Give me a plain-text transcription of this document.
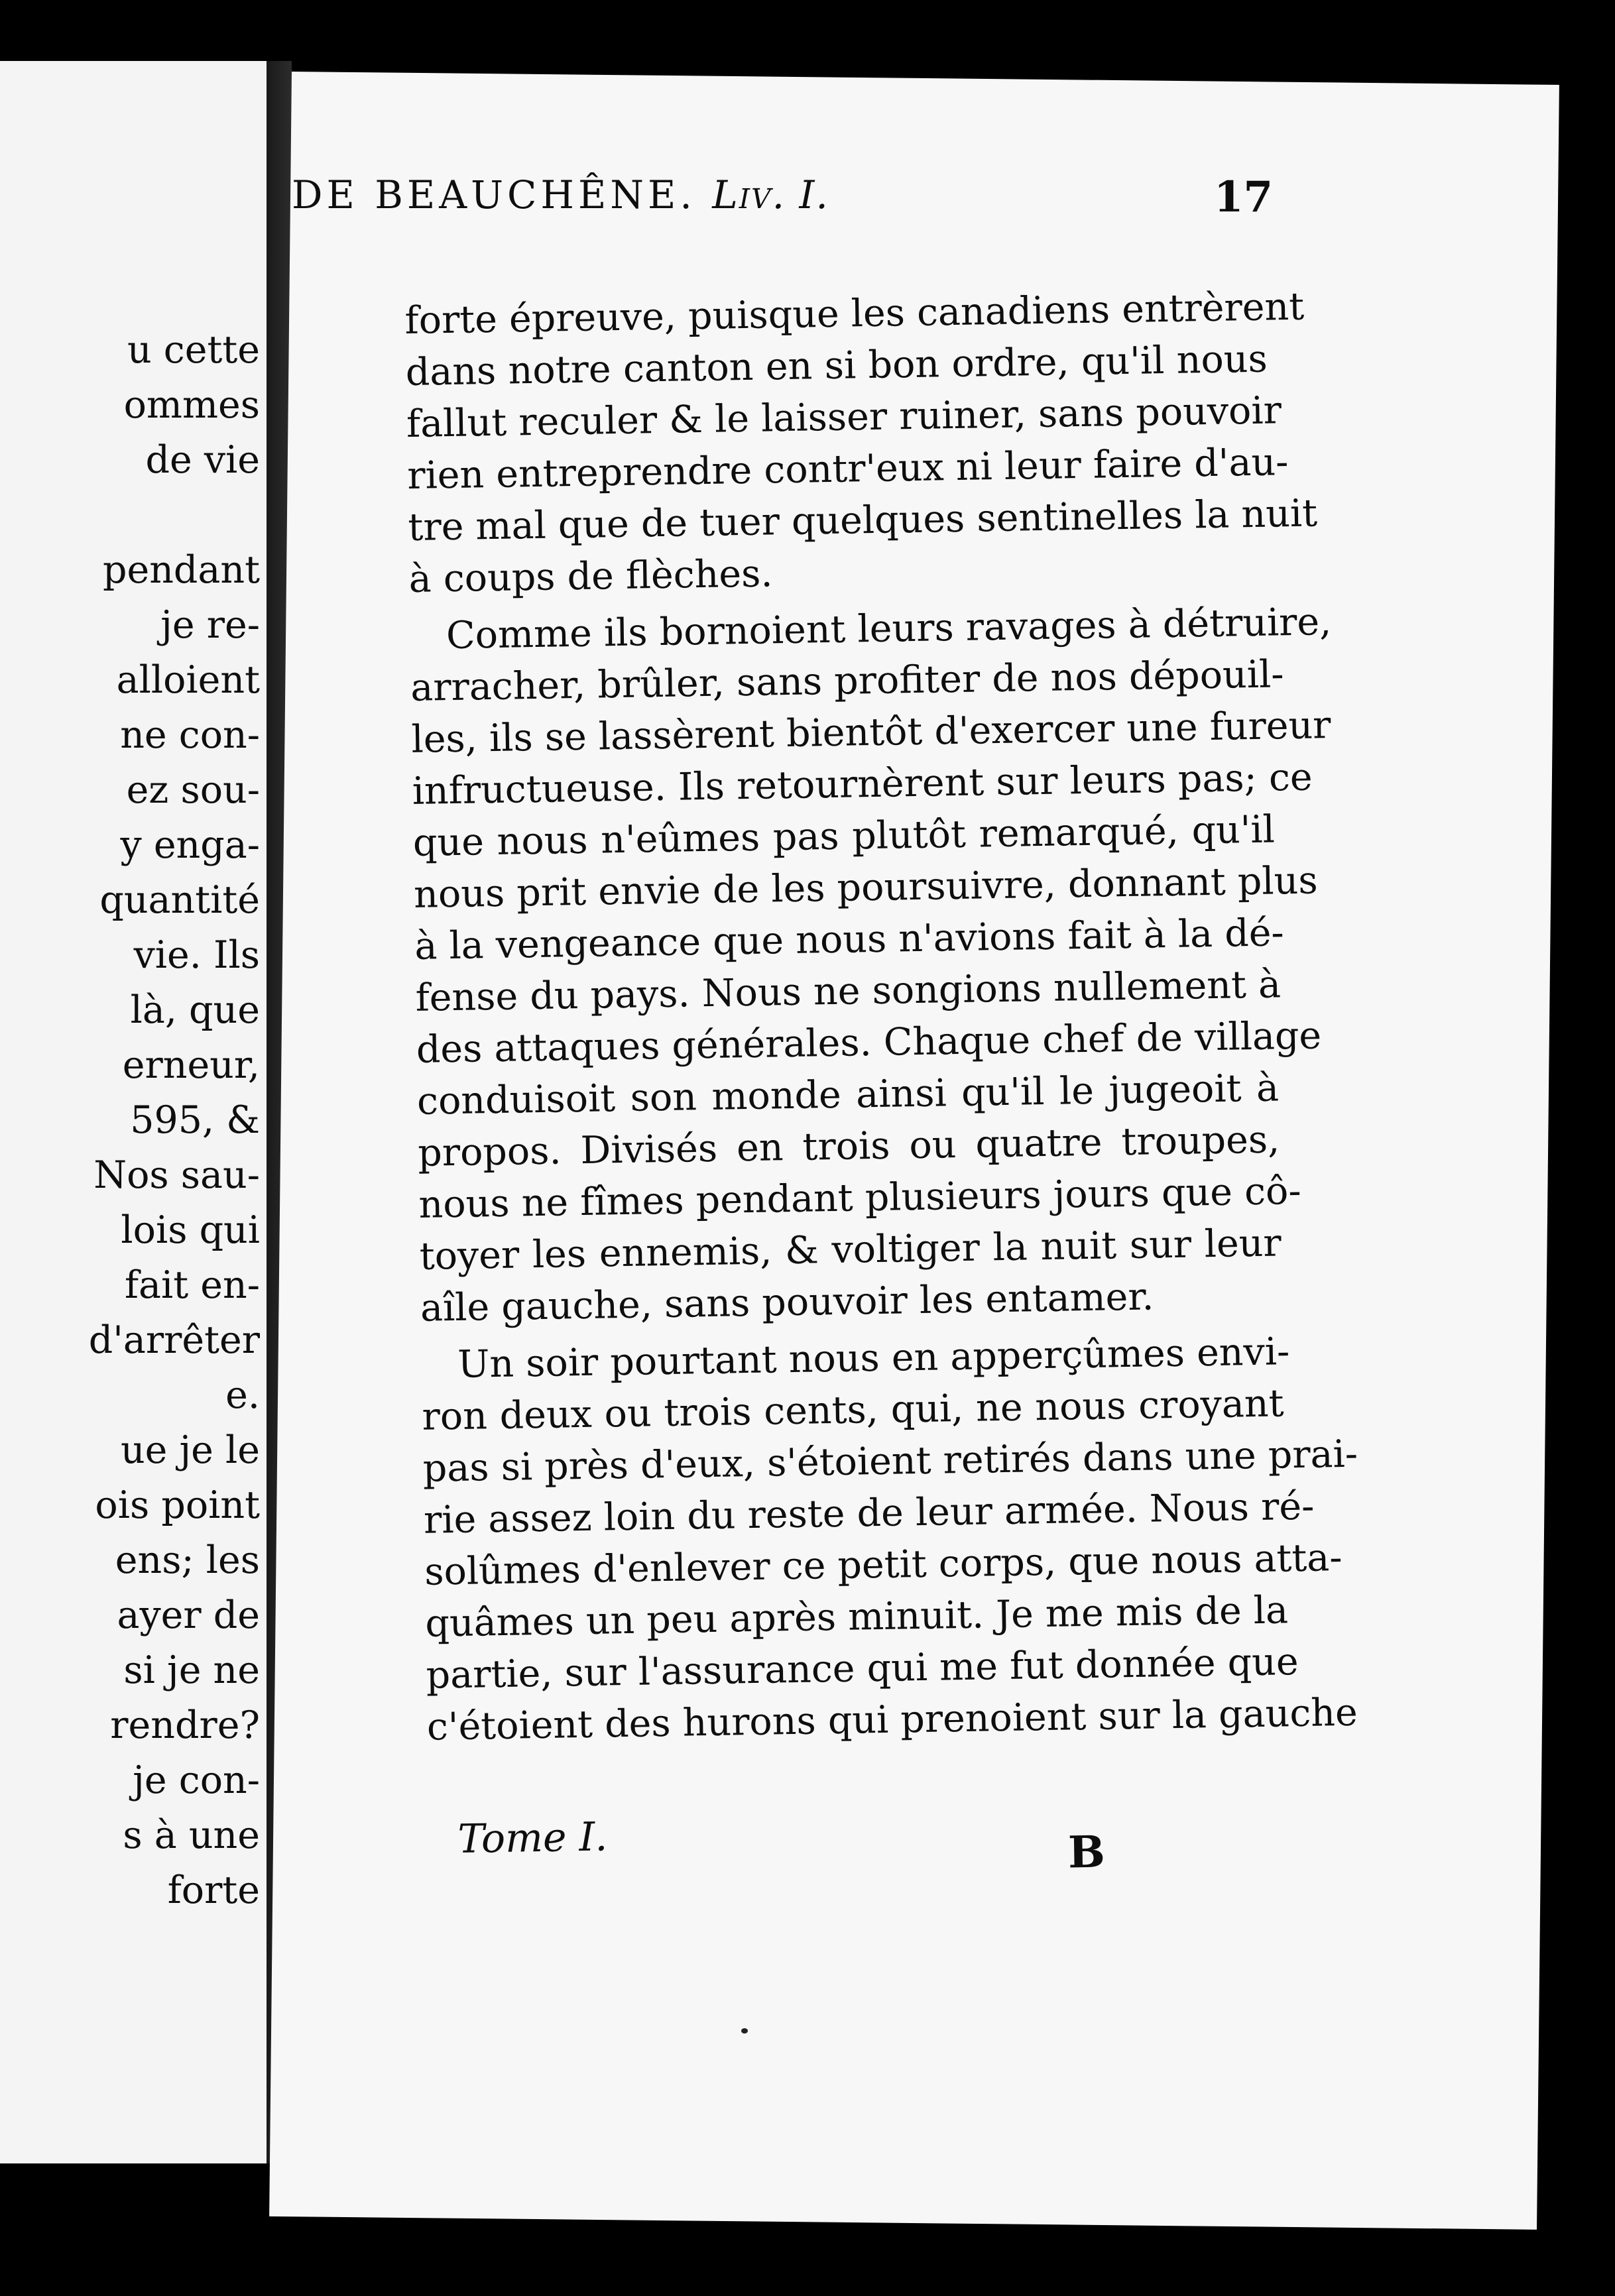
u cette
ommes
de vie
pendant
je re-
alloient
ne con-
ez sou-
y enga-
quantité
vie. Ils
là, que
erneur,
595, &
Nos sau-
lois qui
fait en-
d'arrêter
e.
ue je le
ois point
ens; les
ayer de
si je ne
rendre?
je con-
s à une
forte
DE BEAUCHÊNE. Liv. I.	17
forte épreuve, puisque les canadiens entrèrent
dans notre canton en si bon ordre, qu'il nous
fallut reculer & le laisser ruiner, sans pouvoir
rien entreprendre contr'eux ni leur faire d'au-
tre mal que de tuer quelques sentinelles la nuit
à coups de flèches.
Comme ils bornoient leurs ravages à détruire,
arracher, brûler, sans profiter de nos dépouil-
les, ils se lassèrent bientôt d'exercer une fureur
infructueuse. Ils retournèrent sur leurs pas; ce
que nous n'eûmes pas plutôt remarqué, qu'il
nous prit envie de les poursuivre, donnant plus
à la vengeance que nous n'avions fait à la dé-
fense du pays. Nous ne songions nullement à
des attaques générales. Chaque chef de village
conduisoit son monde ainsi qu'il le jugeoit à
propos. Divisés en trois ou quatre troupes,
nous ne fîmes pendant plusieurs jours que cô-
toyer les ennemis, & voltiger la nuit sur leur
aîle gauche, sans pouvoir les entamer.
Un soir pourtant nous en apperçûmes envi-
ron deux ou trois cents, qui, ne nous croyant
pas si près d'eux, s'étoient retirés dans une prai-
rie assez loin du reste de leur armée. Nous ré-
solûmes d'enlever ce petit corps, que nous atta-
quâmes un peu après minuit. Je me mis de la
partie, sur l'assurance qui me fut donnée que
c'étoient des hurons qui prenoient sur la gauche
Tome I.	B
